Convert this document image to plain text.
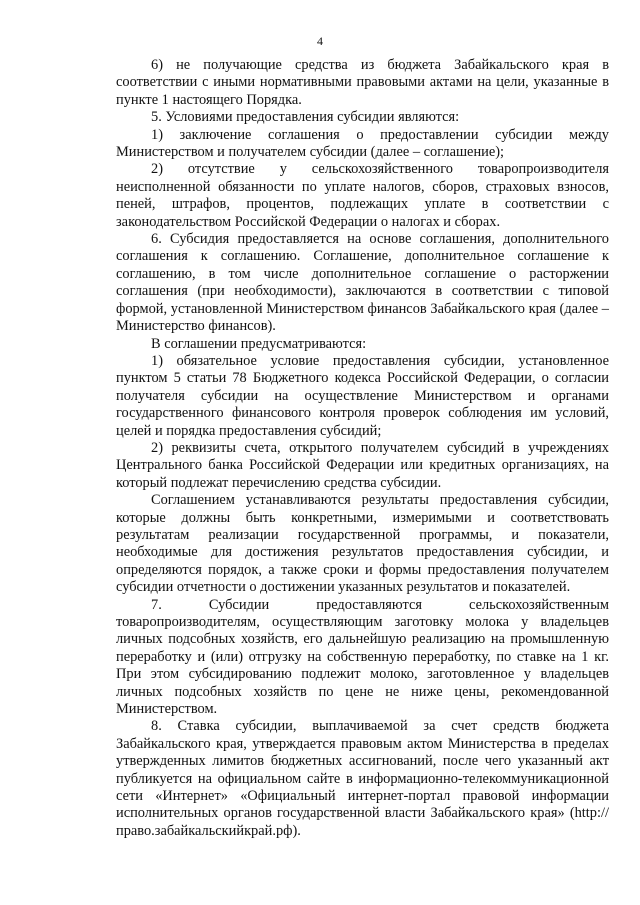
4

6) не получающие средства из бюджета Забайкальского края в соответствии с иными нормативными правовыми актами на цели, указанные в пункте 1 настоящего Порядка.

5. Условиями предоставления субсидии являются:

1) заключение соглашения о предоставлении субсидии между Министерством и получателем субсидии (далее – соглашение);

2) отсутствие у сельскохозяйственного товаропроизводителя неисполненной обязанности по уплате налогов, сборов, страховых взносов, пеней, штрафов, процентов, подлежащих уплате в соответствии с законодательством Российской Федерации о налогах и сборах.

6. Субсидия предоставляется на основе соглашения, дополнительного соглашения к соглашению. Соглашение, дополнительное соглашение к соглашению, в том числе дополнительное соглашение о расторжении соглашения (при необходимости), заключаются в соответствии с типовой формой, установленной Министерством финансов Забайкальского края (далее – Министерство финансов).

В соглашении предусматриваются:

1) обязательное условие предоставления субсидии, установленное пунктом 5 статьи 78 Бюджетного кодекса Российской Федерации, о согласии получателя субсидии на осуществление Министерством и органами государственного финансового контроля проверок соблюдения им условий, целей и порядка предоставления субсидий;

2) реквизиты счета, открытого получателем субсидий в учреждениях Центрального банка Российской Федерации или кредитных организациях, на который подлежат перечислению средства субсидии.

Соглашением устанавливаются результаты предоставления субсидии, которые должны быть конкретными, измеримыми и соответствовать результатам реализации государственной программы, и показатели, необходимые для достижения результатов предоставления субсидии, и определяются порядок, а также сроки и формы предоставления получателем субсидии отчетности о достижении указанных результатов и показателей.

7. Субсидии предоставляются сельскохозяйственным товаропроизводителям, осуществляющим заготовку молока у владельцев личных подсобных хозяйств, его дальнейшую реализацию на промышленную переработку и (или) отгрузку на собственную переработку, по ставке на 1 кг. При этом субсидированию подлежит молоко, заготовленное у владельцев личных подсобных хозяйств по цене не ниже цены, рекомендованной Министерством.

8. Ставка субсидии, выплачиваемой за счет средств бюджета Забайкальского края, утверждается правовым актом Министерства в пределах утвержденных лимитов бюджетных ассигнований, после чего указанный акт публикуется на официальном сайте в информационно-телекоммуникационной сети «Интернет» «Официальный интернет-портал правовой информации исполнительных органов государственной власти Забайкальского края» (http://право.забайкальскийкрай.рф).
